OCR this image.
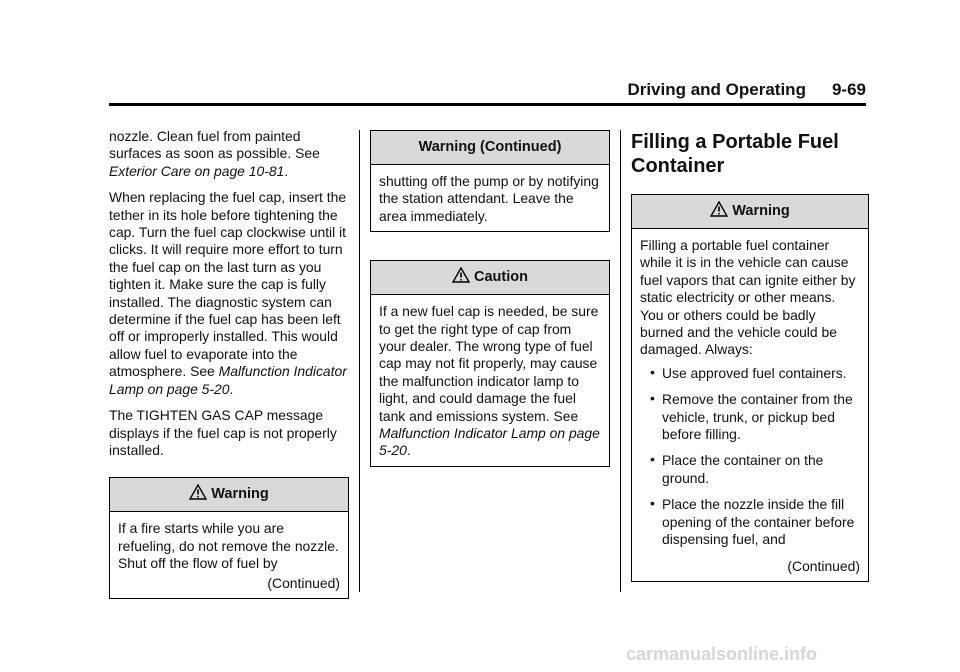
Driving and Operating 9-69

nozzle. Clean fuel from painted surfaces as soon as possible. See Exterior Care on page 10-81.

When replacing the fuel cap, insert the tether in its hole before tightening the cap. Turn the fuel cap clockwise until it clicks. It will require more effort to turn the fuel cap on the last turn as you tighten it. Make sure the cap is fully installed. The diagnostic system can determine if the fuel cap has been left off or improperly installed. This would allow fuel to evaporate into the atmosphere. See Malfunction Indicator Lamp on page 5-20.

The TIGHTEN GAS CAP message displays if the fuel cap is not properly installed.

Warning

If a fire starts while you are refueling, do not remove the nozzle. Shut off the flow of fuel by

(Continued)
Warning (Continued)

shutting off the pump or by notifying the station attendant. Leave the area immediately.

Caution

If a new fuel cap is needed, be sure to get the right type of cap from your dealer. The wrong type of fuel cap may not fit properly, may cause the malfunction indicator lamp to light, and could damage the fuel tank and emissions system. See Malfunction Indicator Lamp on page 5-20.

Filling a Portable Fuel Container
Warning

Filling a portable fuel container while it is in the vehicle can cause fuel vapors that can ignite either by static electricity or other means. You or others could be badly burned and the vehicle could be damaged. Always:

• Use approved fuel containers.
• Remove the container from the vehicle, trunk, or pickup bed before filling.
• Place the container on the ground.
• Place the nozzle inside the fill opening of the container before dispensing fuel, and
(Continued)
carmanualsonline.info
